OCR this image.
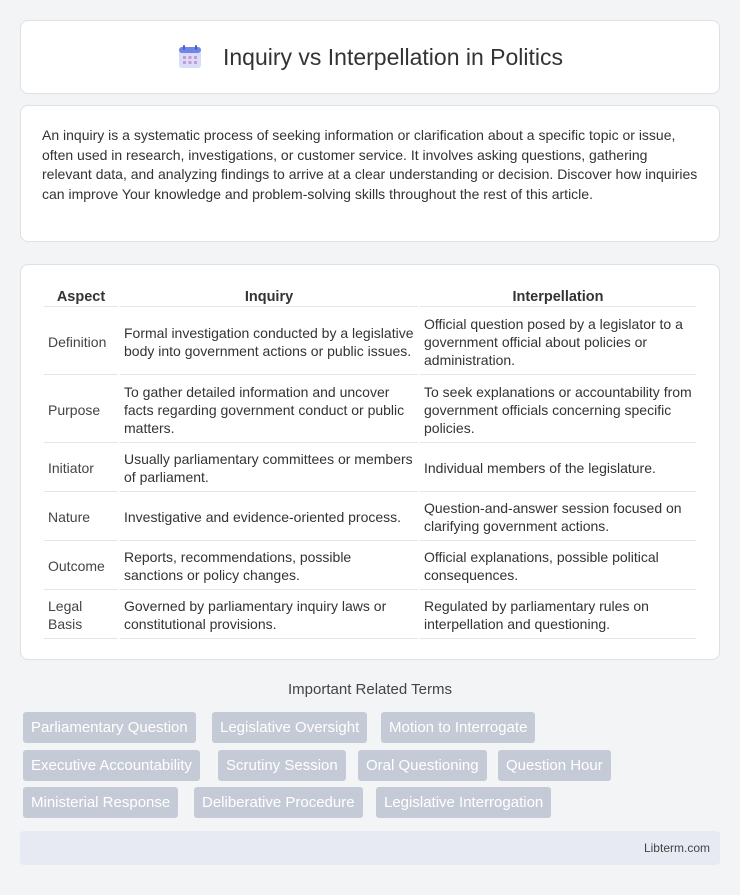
Inquiry vs Interpellation in Politics

An inquiry is a systematic process of seeking information or clarification about a specific topic or issue, often used in research, investigations, or customer service. It involves asking questions, gathering relevant data, and analyzing findings to arrive at a clear understanding or decision. Discover how inquiries can improve Your knowledge and problem-solving skills throughout the rest of this article.

Aspect	Inquiry	Interpellation
Definition	Formal investigation conducted by a legislative body into government actions or public issues.	Official question posed by a legislator to a government official about policies or administration.
Purpose	To gather detailed information and uncover facts regarding government conduct or public matters.	To seek explanations or accountability from government officials concerning specific policies.
Initiator	Usually parliamentary committees or members of parliament.	Individual members of the legislature.
Nature	Investigative and evidence-oriented process.	Question-and-answer session focused on clarifying government actions.
Outcome	Reports, recommendations, possible sanctions or policy changes.	Official explanations, possible political consequences.
Legal Basis	Governed by parliamentary inquiry laws or constitutional provisions.	Regulated by parliamentary rules on interpellation and questioning.
Important Related Terms
Parliamentary Question	Legislative Oversight	Motion to Interrogate
Executive Accountability	Scrutiny Session	Oral Questioning	Question Hour
Ministerial Response	Deliberative Procedure	Legislative Interrogation
Libterm.com
